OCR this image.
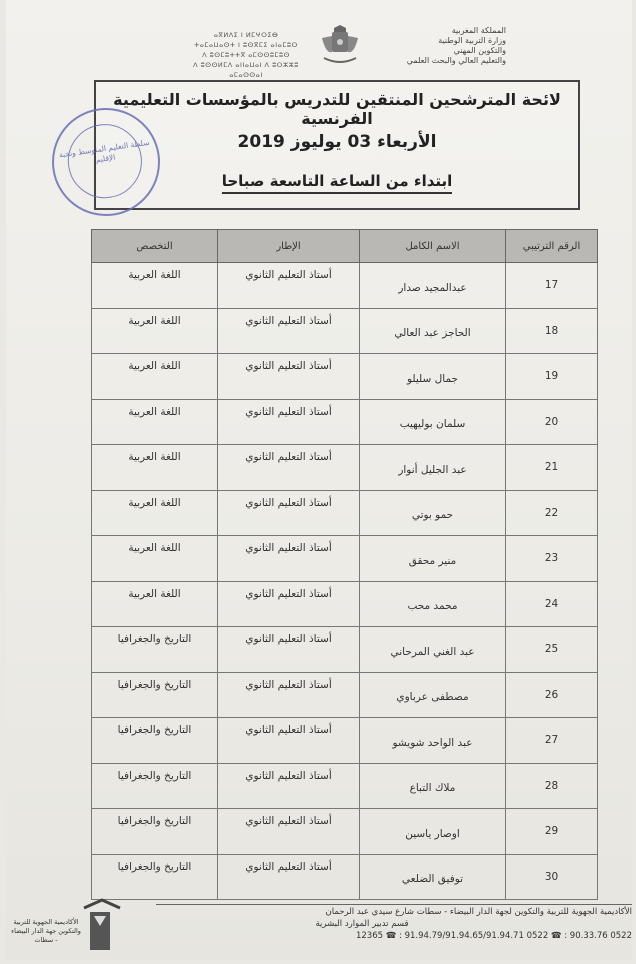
ⴰⴳⵍⴷⵉ ⵏ ⵍⵎⵖⵔⵉⴱ
ⵜⴰⵎⴰⵡⴰⵙⵜ ⵏ ⵓⵙⴳⵎⵉ ⴰⵏⴰⵎⵓⵔ
ⴷ ⵓⵙⵎⵓⵜⵜⴳ ⴰⵎⵙⵙⵓⵎⵓⵙ
ⴷ ⵓⵙⵙⵍⵎⴷ ⴰⵏⵏⴰⵡⴰⵏ ⴷ ⵓⵔⵣⵣⵓ ⴰⵎⴰⵙⵙⴰⵏ
المملكة المغربية
وزارة التربية الوطنية
والتكوين المهني
والتعليم العالي والبحث العلمي
لائحة المترشحين المنتقين للتدريس بالمؤسسات التعليمية الفرنسية
الأربعاء 03 يوليوز 2019
ابتداء من الساعة التاسعة صباحا
سلطة التعليم المتوسط ونخبة الإقليم
الرقم الترتيبي	الاسم الكامل	الإطار	التخصص
17	عبدالمجيد صدار	أستاذ التعليم الثانوي	اللغة العربية
18	الحاجز عبد العالي	أستاذ التعليم الثانوي	اللغة العربية
19	جمال سليلو	أستاذ التعليم الثانوي	اللغة العربية
20	سلمان بوليهيب	أستاذ التعليم الثانوي	اللغة العربية
21	عبد الجليل أنوار	أستاذ التعليم الثانوي	اللغة العربية
22	حمو بوتي	أستاذ التعليم الثانوي	اللغة العربية
23	منير محقق	أستاذ التعليم الثانوي	اللغة العربية
24	محمد محب	أستاذ التعليم الثانوي	اللغة العربية
25	عبد الغني المرحاني	أستاذ التعليم الثانوي	التاريخ والجغرافيا
26	مصطفى عرباوي	أستاذ التعليم الثانوي	التاريخ والجغرافيا
27	عبد الواحد شويشو	أستاذ التعليم الثانوي	التاريخ والجغرافيا
28	ملاك التباع	أستاذ التعليم الثانوي	التاريخ والجغرافيا
29	اوصار ياسين	أستاذ التعليم الثانوي	التاريخ والجغرافيا
30	توفيق الضلعي	أستاذ التعليم الثانوي	التاريخ والجغرافيا
الأكاديمية الجهوية للتربية والتكوين لجهة الدار البيضاء - سطات شارع سيدي عبد الرحمان
قسم تدبير الموارد البشرية
0522 90.33.76 : ☎ 0522 91.94.79/91.94.65/91.94.71 : ☎ 12365
الأكاديمية الجهوية للتربية والتكوين جهة الدار البيضاء - سطات
